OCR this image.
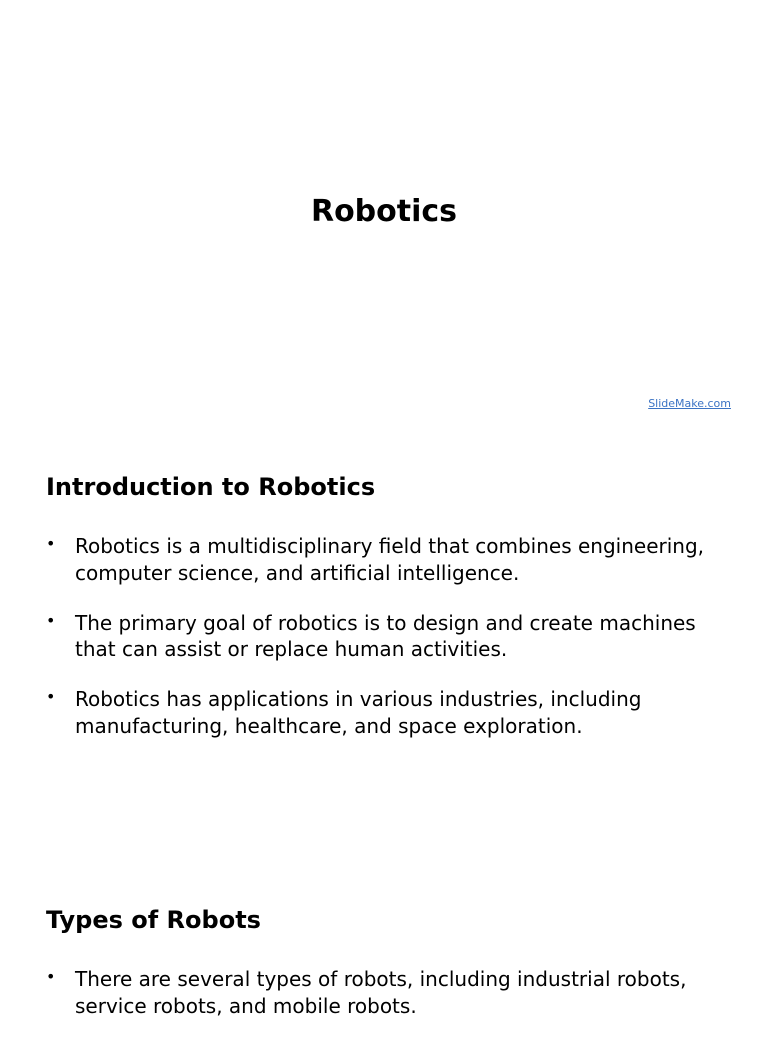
Robotics
SlideMake.com
Introduction to Robotics
• Robotics is a multidisciplinary field that combines engineering, computer science, and artificial intelligence.
• The primary goal of robotics is to design and create machines that can assist or replace human activities.
• Robotics has applications in various industries, including manufacturing, healthcare, and space exploration.
Types of Robots
• There are several types of robots, including industrial robots, service robots, and mobile robots.
